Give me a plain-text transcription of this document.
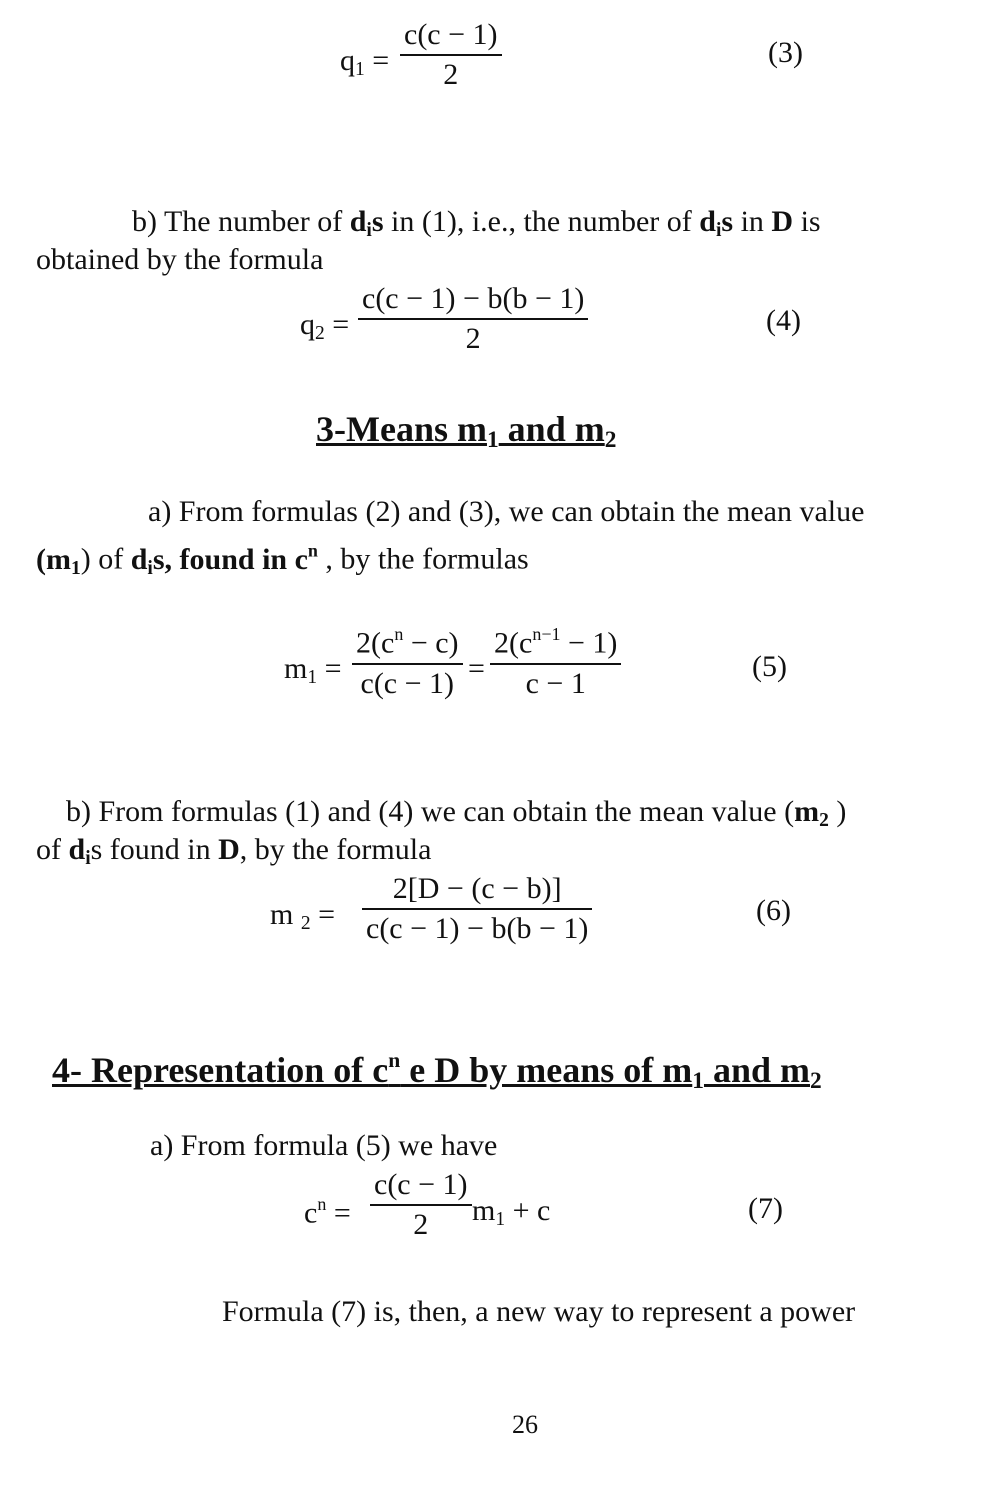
$q_1$ =
c(c − 1)
2
(3)
b) The number of $d_is$ in (1), i.e., the number of $d_is$ in D is
obtained by the formula
$q_2$ =
c(c − 1) − b(b − 1)
2
(4)
3-Means $m_1$ and $m_2$
a) From formulas (2) and (3), we can obtain the mean value
$(m_1)$ of $d_is$, found in $c^n$ , by the formulas
$m_1$ =
$2(c^n - c)$
c(c − 1) =
$2(c^{n-1} - 1)$
c − 1
(5)
b) From formulas (1) and (4) we can obtain the mean value ($m_2$ )
of $d_is$ found in D, by the formula
m $_2$ =
2[D − (c − b)]
c(c − 1) − b(b − 1)
(6)
4- Representation of $c^n$ e D by means of $m_1$ and $m_2$
a) From formula (5) we have
$c^n$ =
c(c − 1)
2	$m_1 + c$	(7)
Formula (7) is, then, a new way to represent a power
26
